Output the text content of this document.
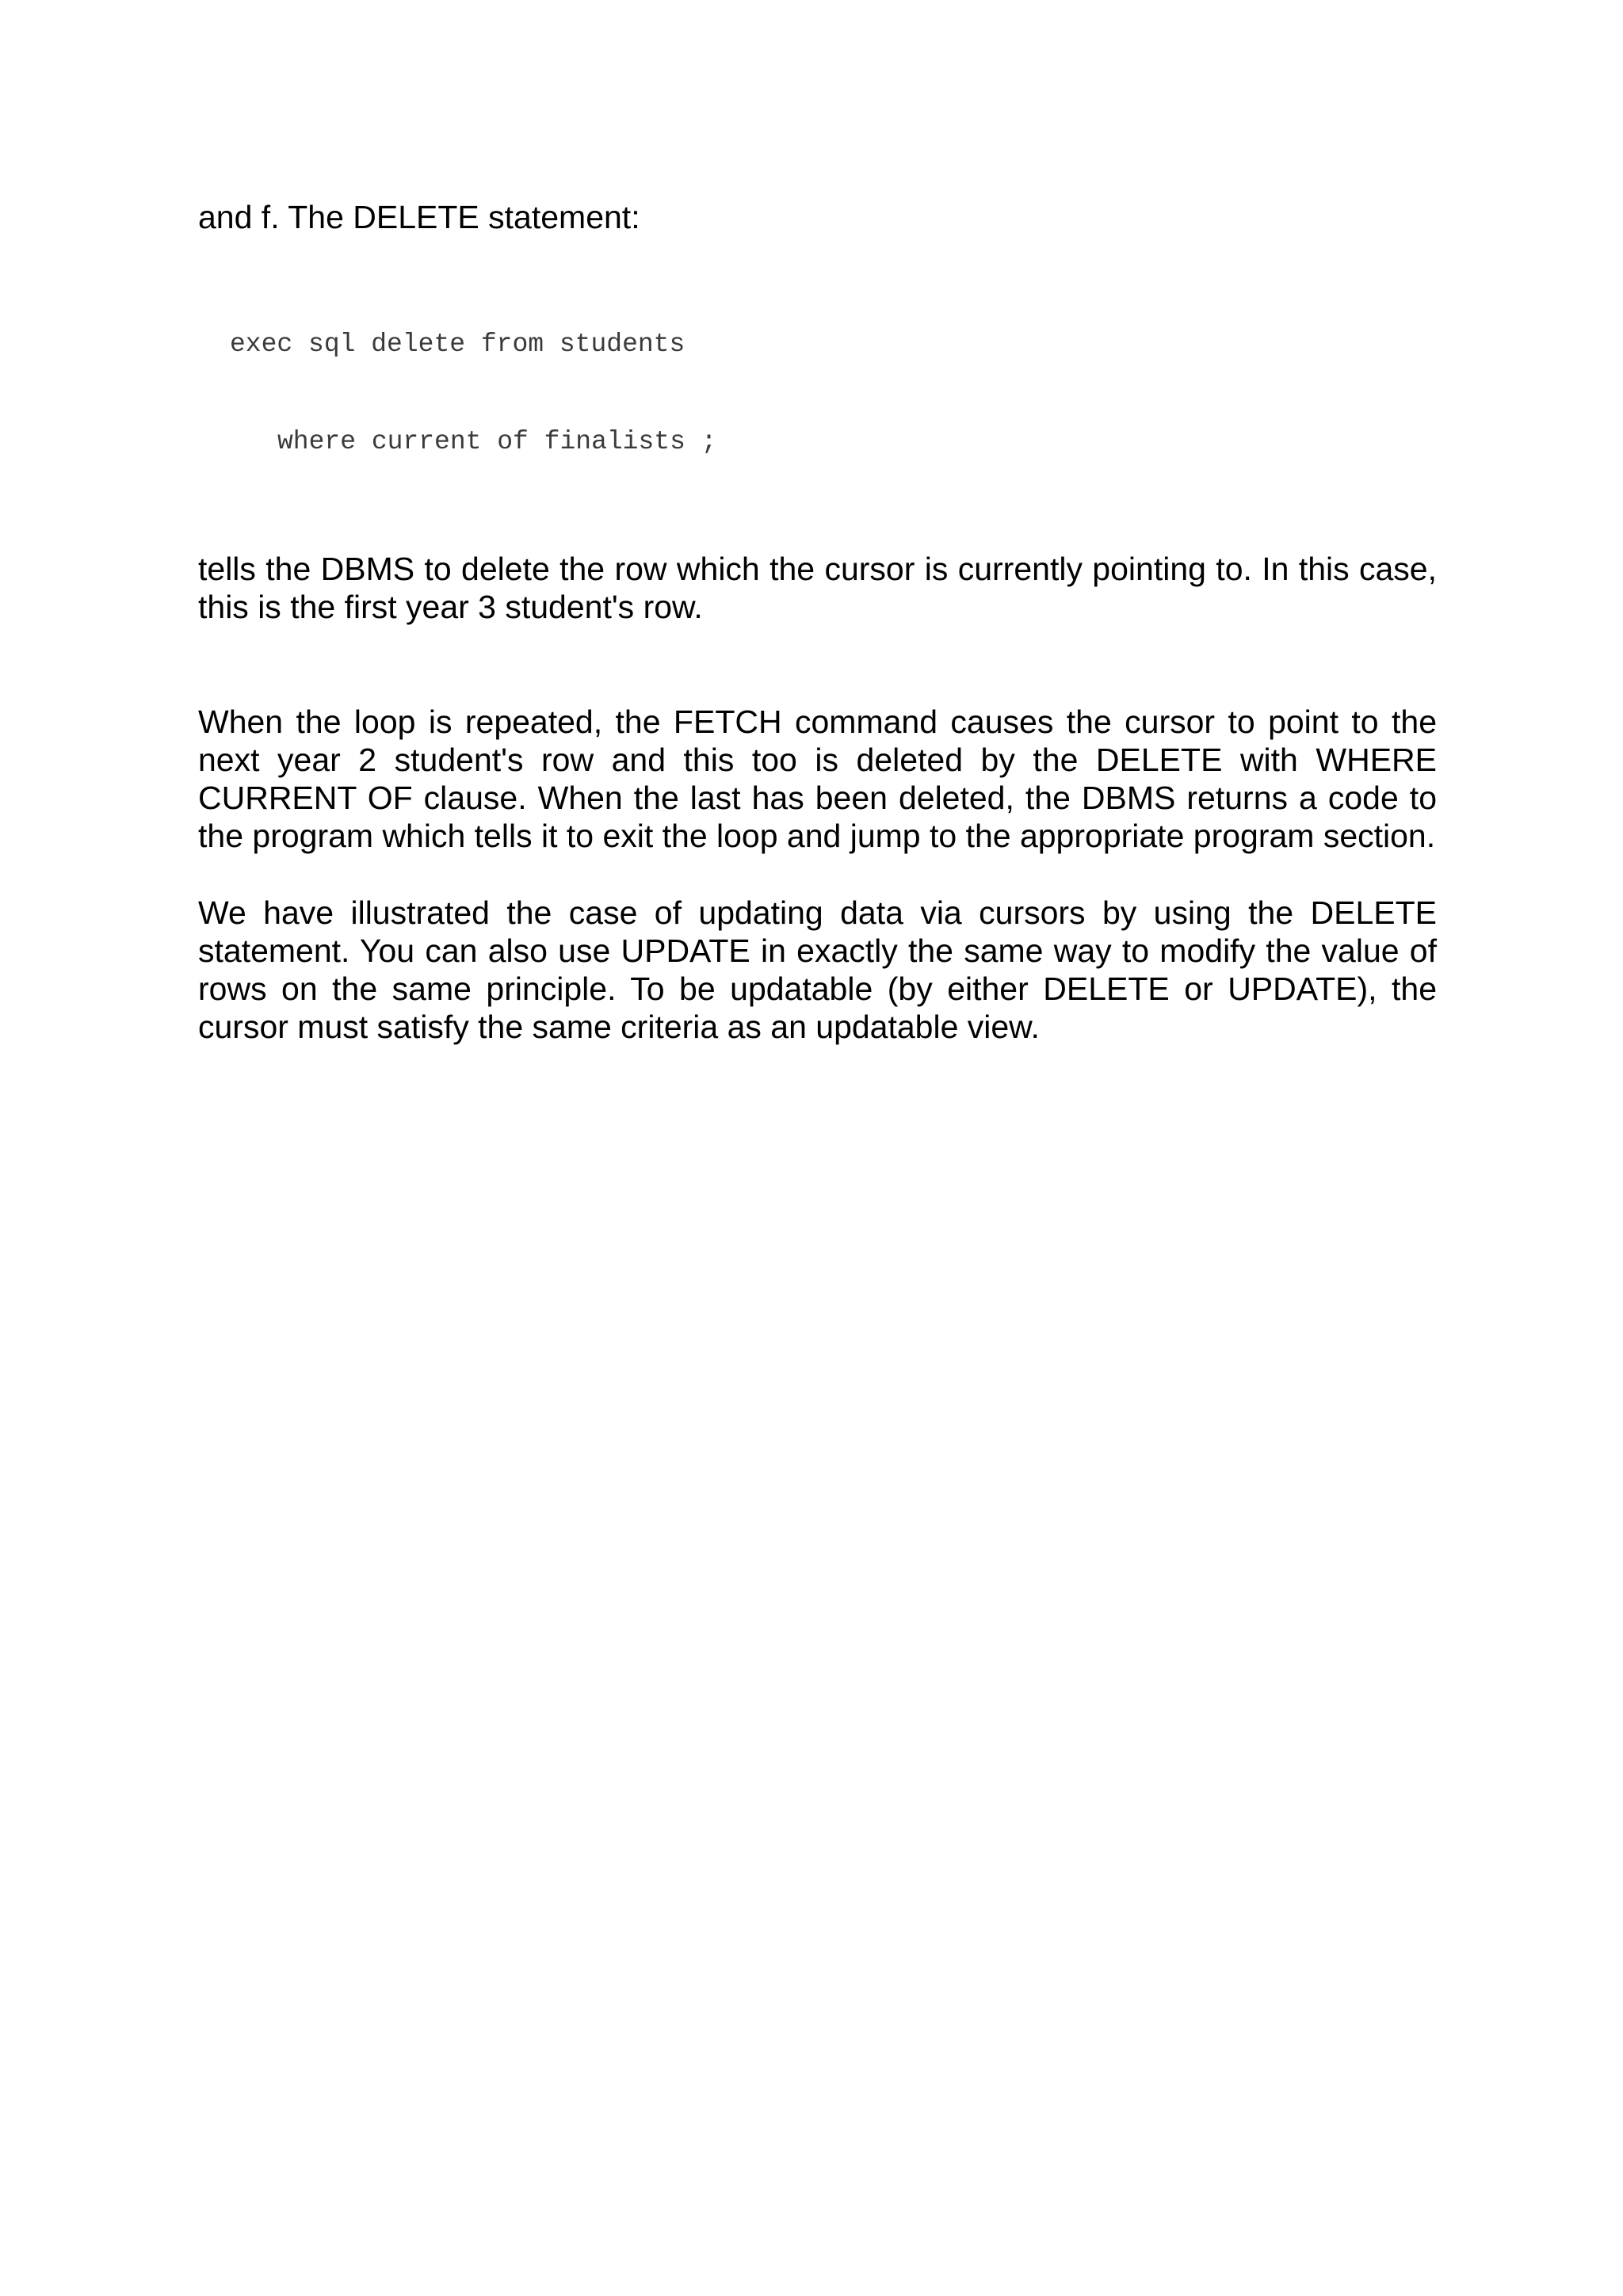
and f. The DELETE statement:

exec sql delete from students

where current of finalists ;

tells the DBMS to delete the row which the cursor is currently pointing to. In this case, this is the first year 3 student's row.

When the loop is repeated, the FETCH command causes the cursor to point to the next year 2 student's row and this too is deleted by the DELETE with WHERE CURRENT OF clause. When the last has been deleted, the DBMS returns a code to the program which tells it to exit the loop and jump to the appropriate program section.

We have illustrated the case of updating data via cursors by using the DELETE statement. You can also use UPDATE in exactly the same way to modify the value of rows on the same principle. To be updatable (by either DELETE or UPDATE), the cursor must satisfy the same criteria as an updatable view.
